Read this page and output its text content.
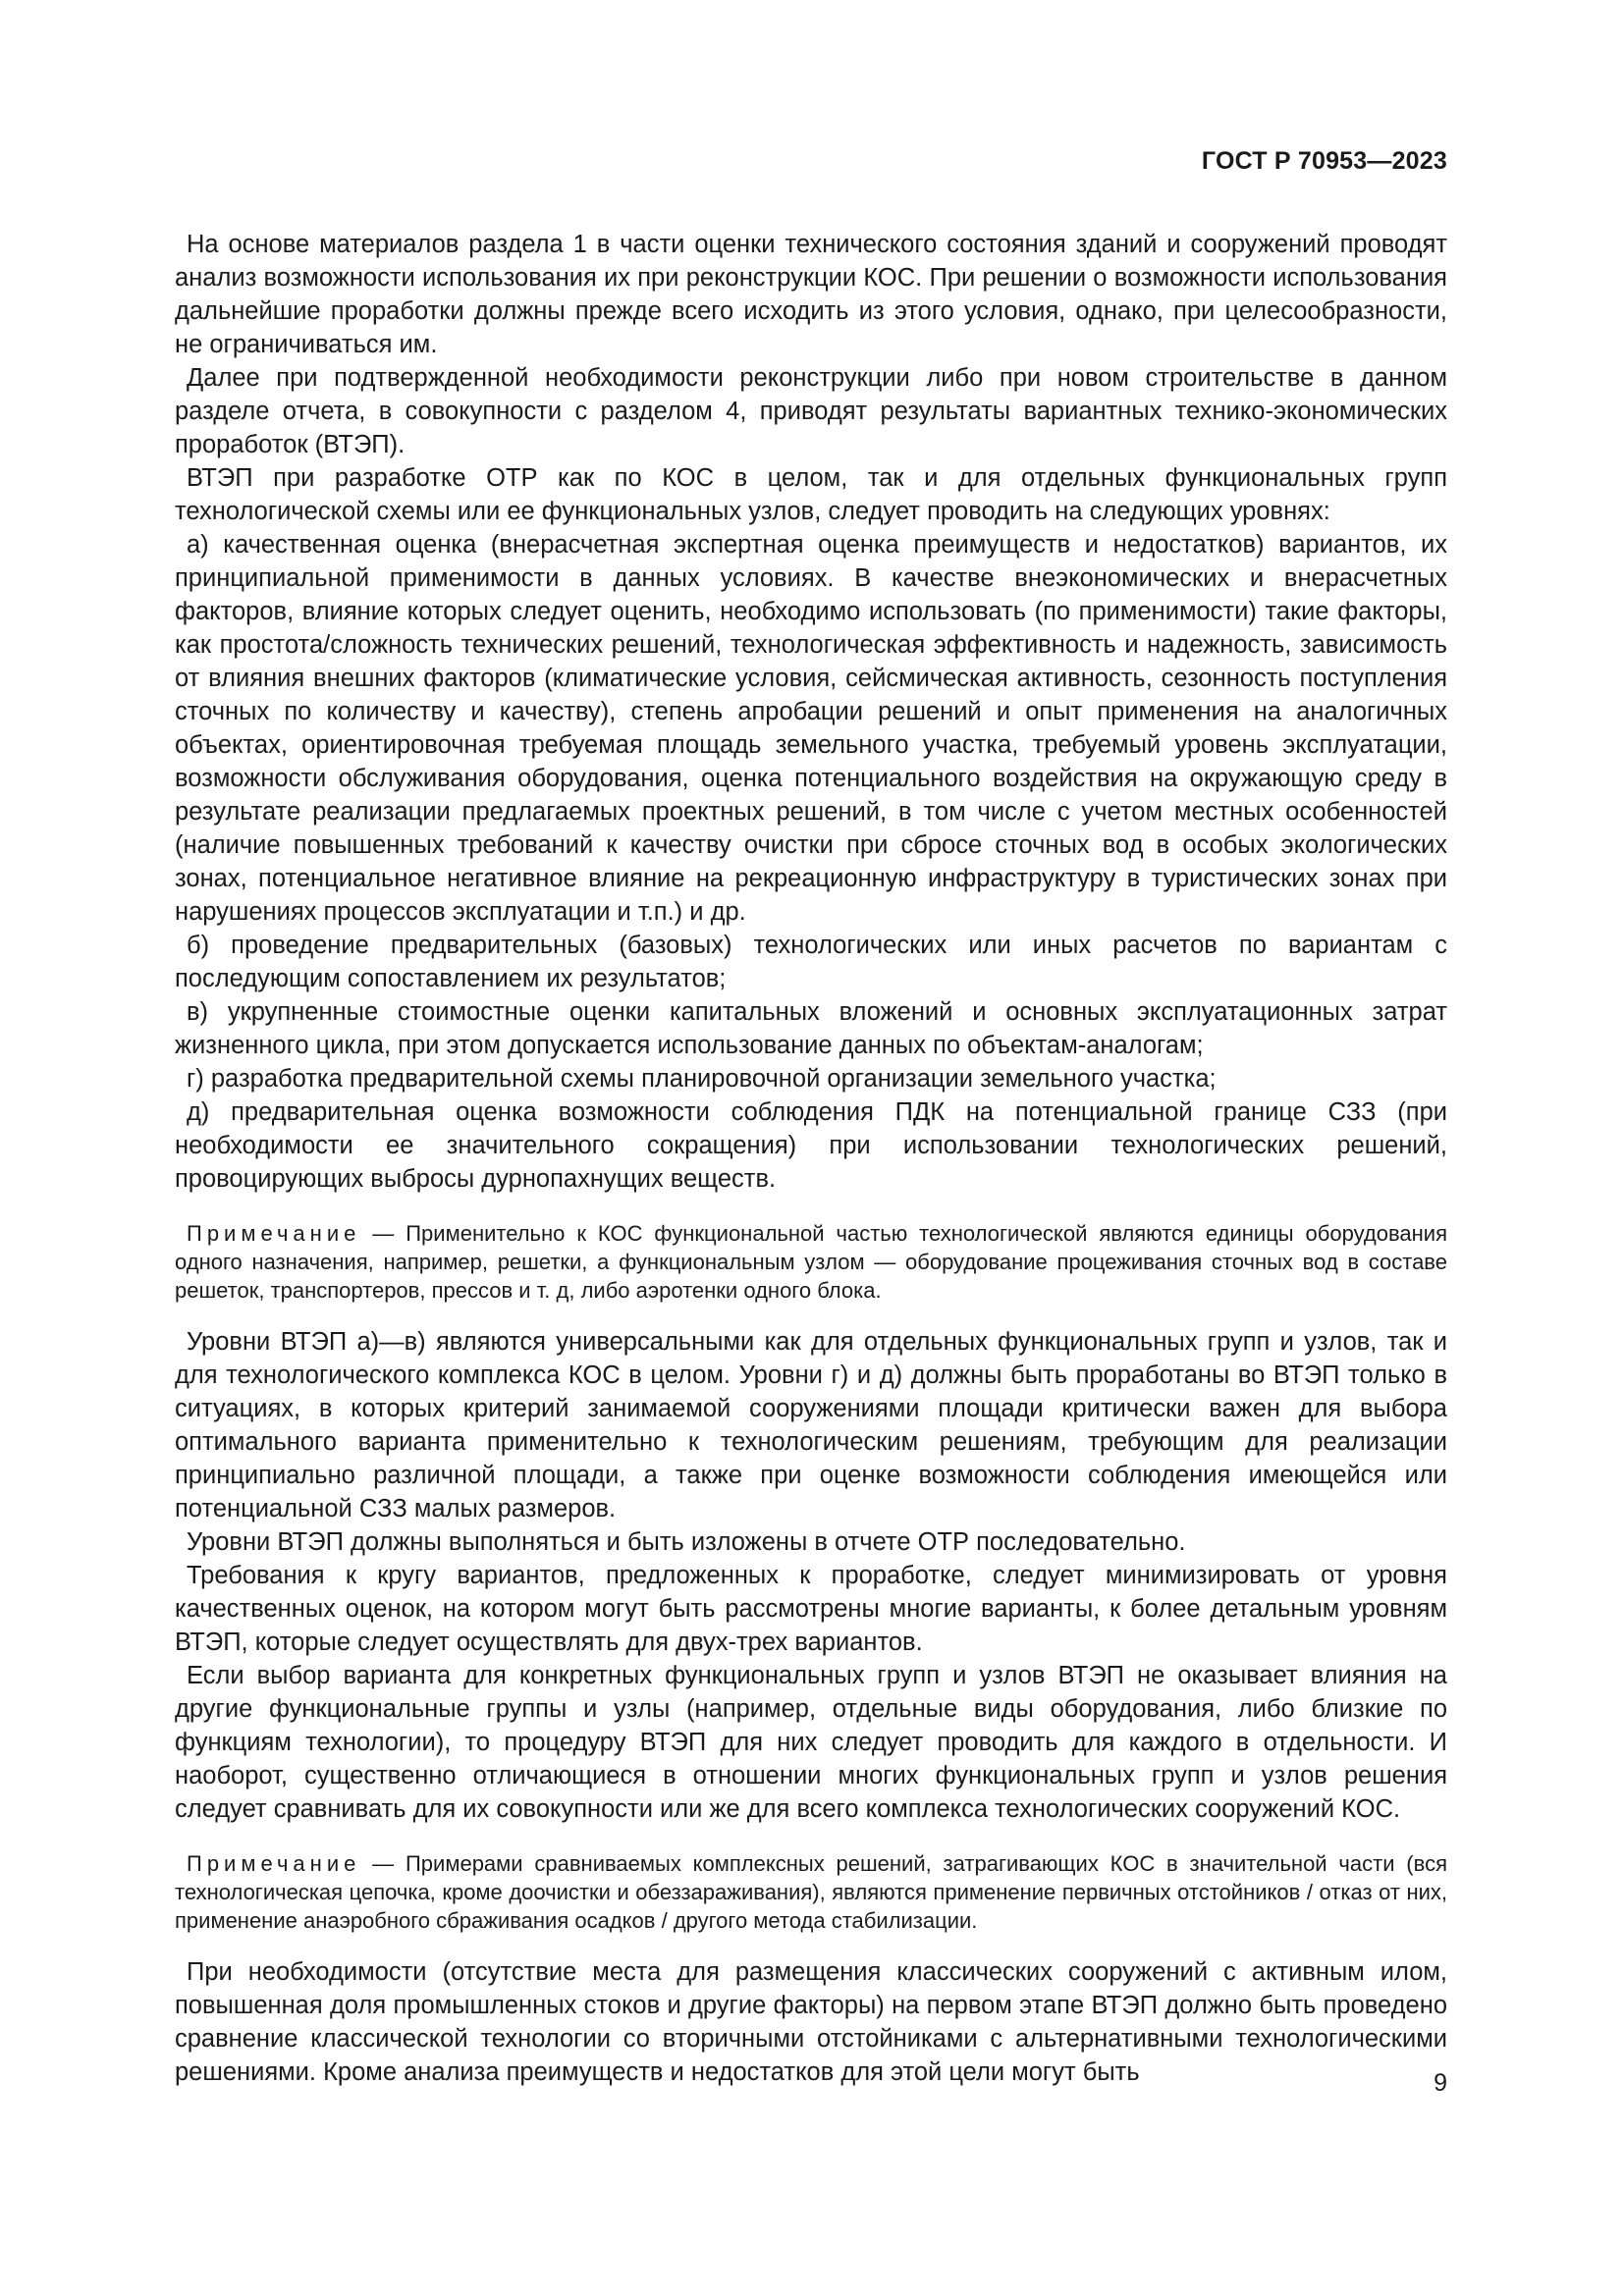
ГОСТ Р 70953—2023

На основе материалов раздела 1 в части оценки технического состояния зданий и сооружений проводят анализ возможности использования их при реконструкции КОС. При решении о возможности использования дальнейшие проработки должны прежде всего исходить из этого условия, однако, при целесообразности, не ограничиваться им.

Далее при подтвержденной необходимости реконструкции либо при новом строительстве в данном разделе отчета, в совокупности с разделом 4, приводят результаты вариантных технико-экономических проработок (ВТЭП).

ВТЭП при разработке ОТР как по КОС в целом, так и для отдельных функциональных групп технологической схемы или ее функциональных узлов, следует проводить на следующих уровнях:

а) качественная оценка (внерасчетная экспертная оценка преимуществ и недостатков) вариантов, их принципиальной применимости в данных условиях. В качестве внеэкономических и внерасчетных факторов, влияние которых следует оценить, необходимо использовать (по применимости) такие факторы, как простота/сложность технических решений, технологическая эффективность и надежность, зависимость от влияния внешних факторов (климатические условия, сейсмическая активность, сезонность поступления сточных по количеству и качеству), степень апробации решений и опыт применения на аналогичных объектах, ориентировочная требуемая площадь земельного участка, требуемый уровень эксплуатации, возможности обслуживания оборудования, оценка потенциального воздействия на окружающую среду в результате реализации предлагаемых проектных решений, в том числе с учетом местных особенностей (наличие повышенных требований к качеству очистки при сбросе сточных вод в особых экологических зонах, потенциальное негативное влияние на рекреационную инфраструктуру в туристических зонах при нарушениях процессов эксплуатации и т.п.) и др.

б) проведение предварительных (базовых) технологических или иных расчетов по вариантам с последующим сопоставлением их результатов;

в) укрупненные стоимостные оценки капитальных вложений и основных эксплуатационных затрат жизненного цикла, при этом допускается использование данных по объектам-аналогам;

г) разработка предварительной схемы планировочной организации земельного участка;

д) предварительная оценка возможности соблюдения ПДК на потенциальной границе СЗЗ (при необходимости ее значительного сокращения) при использовании технологических решений, провоцирующих выбросы дурнопахнущих веществ.

Примечание — Применительно к КОС функциональной частью технологической являются единицы оборудования одного назначения, например, решетки, а функциональным узлом — оборудование процеживания сточных вод в составе решеток, транспортеров, прессов и т. д, либо аэротенки одного блока.

Уровни ВТЭП а)—в) являются универсальными как для отдельных функциональных групп и узлов, так и для технологического комплекса КОС в целом. Уровни г) и д) должны быть проработаны во ВТЭП только в ситуациях, в которых критерий занимаемой сооружениями площади критически важен для выбора оптимального варианта применительно к технологическим решениям, требующим для реализации принципиально различной площади, а также при оценке возможности соблюдения имеющейся или потенциальной СЗЗ малых размеров.

Уровни ВТЭП должны выполняться и быть изложены в отчете ОТР последовательно.

Требования к кругу вариантов, предложенных к проработке, следует минимизировать от уровня качественных оценок, на котором могут быть рассмотрены многие варианты, к более детальным уровням ВТЭП, которые следует осуществлять для двух-трех вариантов.

Если выбор варианта для конкретных функциональных групп и узлов ВТЭП не оказывает влияния на другие функциональные группы и узлы (например, отдельные виды оборудования, либо близкие по функциям технологии), то процедуру ВТЭП для них следует проводить для каждого в отдельности. И наоборот, существенно отличающиеся в отношении многих функциональных групп и узлов решения следует сравнивать для их совокупности или же для всего комплекса технологических сооружений КОС.

Примечание — Примерами сравниваемых комплексных решений, затрагивающих КОС в значительной части (вся технологическая цепочка, кроме доочистки и обеззараживания), являются применение первичных отстойников / отказ от них, применение анаэробного сбраживания осадков / другого метода стабилизации.

При необходимости (отсутствие места для размещения классических сооружений с активным илом, повышенная доля промышленных стоков и другие факторы) на первом этапе ВТЭП должно быть проведено сравнение классической технологии со вторичными отстойниками с альтернативными технологическими решениями. Кроме анализа преимуществ и недостатков для этой цели могут быть	9
